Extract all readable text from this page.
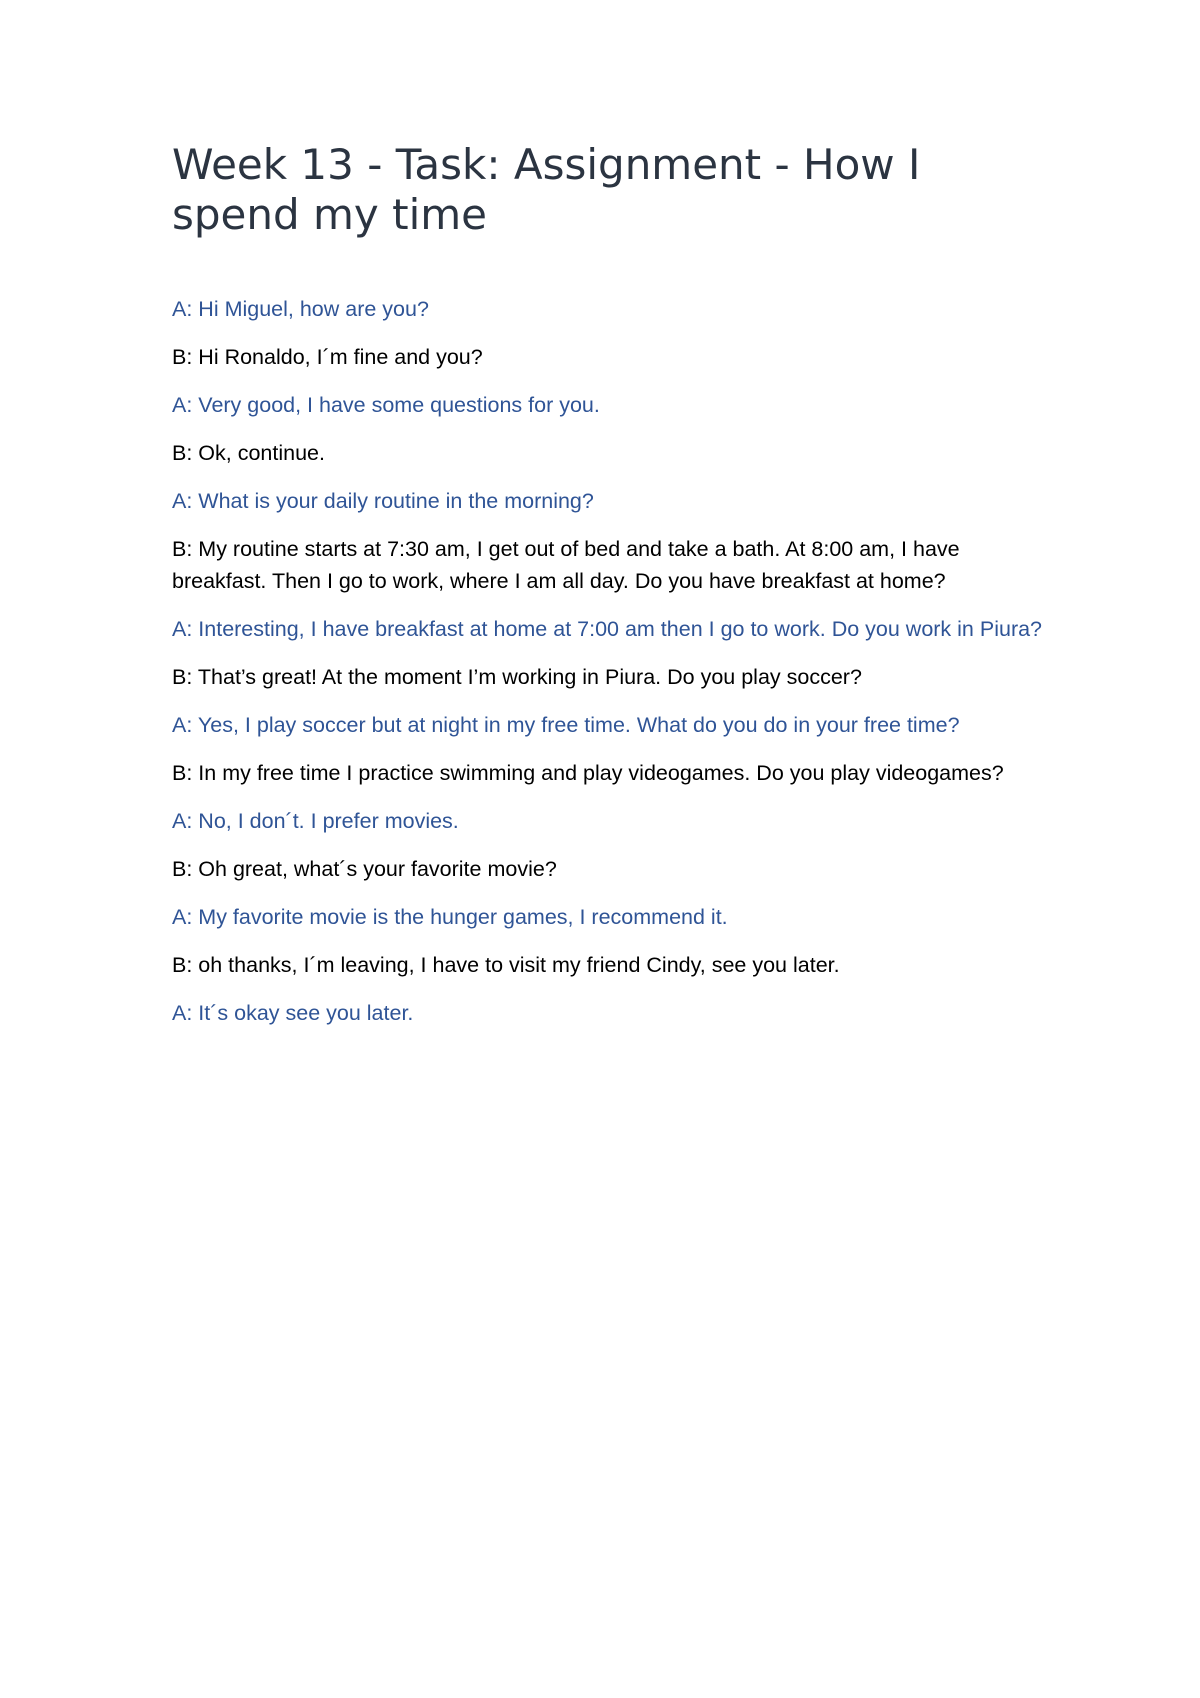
Week 13 - Task: Assignment - How I spend my time

A: Hi Miguel, how are you?

B: Hi Ronaldo, I´m fine and you?

A: Very good, I have some questions for you.

B: Ok, continue.

A: What is your daily routine in the morning?

B: My routine starts at 7:30 am, I get out of bed and take a bath. At 8:00 am, I have breakfast. Then I go to work, where I am all day. Do you have breakfast at home?

A: Interesting, I have breakfast at home at 7:00 am then I go to work. Do you work in Piura?

B: That’s great! At the moment I’m working in Piura. Do you play soccer?

A: Yes, I play soccer but at night in my free time. What do you do in your free time?

B: In my free time I practice swimming and play videogames. Do you play videogames?

A: No, I don´t. I prefer movies.

B: Oh great, what´s your favorite movie?

A: My favorite movie is the hunger games, I recommend it.

B: oh thanks, I´m leaving, I have to visit my friend Cindy, see you later.

A: It´s okay see you later.
